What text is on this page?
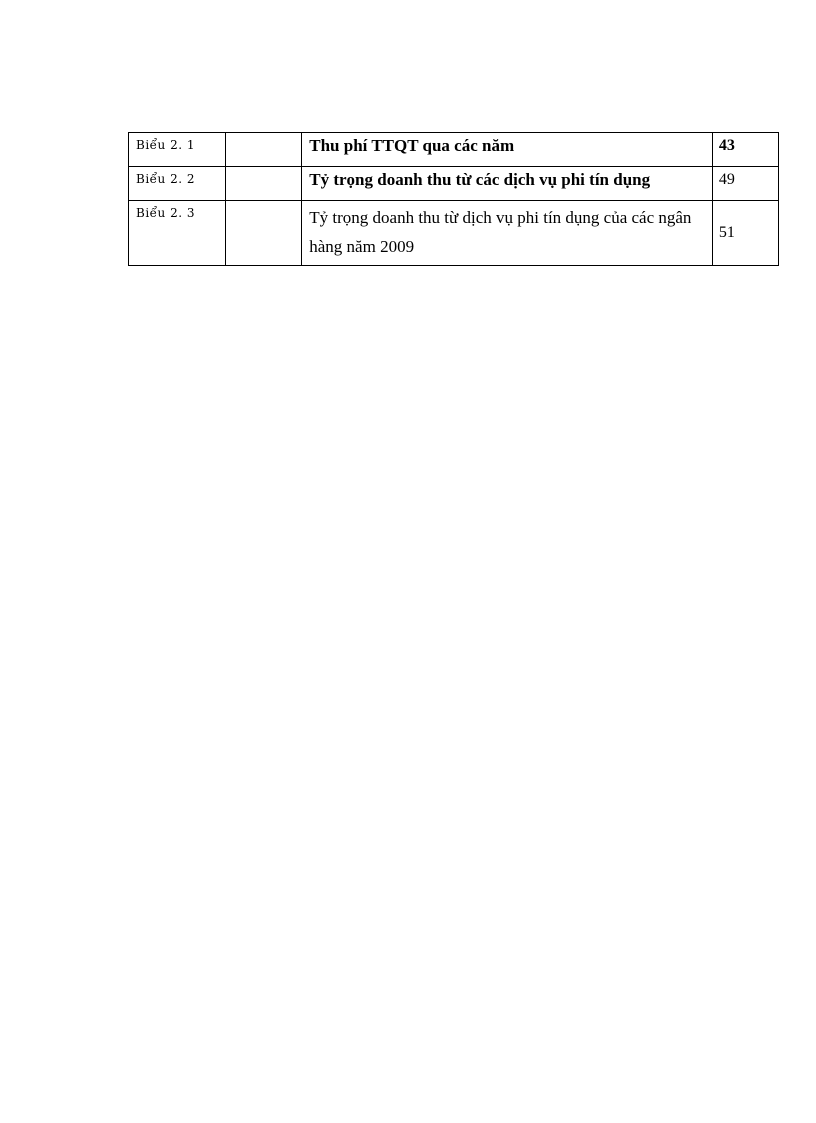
Biểu 2. 1		Thu phí TTQT qua các năm	43
Biểu 2. 2		Tỷ trọng doanh thu từ các dịch vụ phi tín dụng	49
Biểu 2. 3		Tỷ trọng doanh thu từ dịch vụ phi tín dụng của các ngân hàng năm 2009	51
